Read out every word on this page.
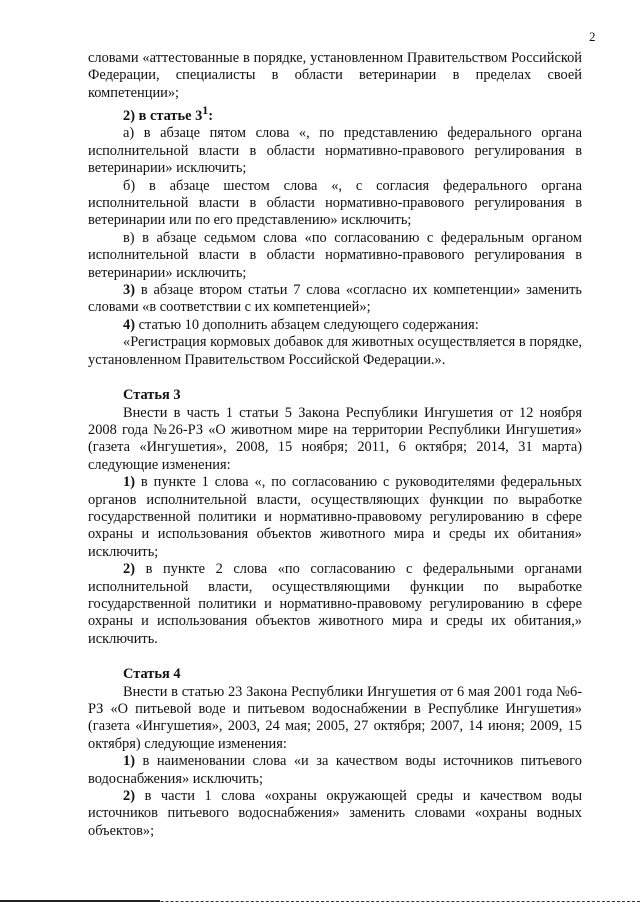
2

словами «аттестованные в порядке, установленном Правительством Российской Федерации, специалисты в области ветеринарии в пределах своей компетенции»;

2) в статье $3^1$:

а) в абзаце пятом слова «, по представлению федерального органа исполнительной власти в области нормативно-правового регулирования в ветеринарии» исключить;

б) в абзаце шестом слова «, с согласия федерального органа исполнительной власти в области нормативно-правового регулирования в ветеринарии или по его представлению» исключить;

в) в абзаце седьмом слова «по согласованию с федеральным органом исполнительной власти в области нормативно-правового регулирования в ветеринарии» исключить;

3) в абзаце втором статьи 7 слова «согласно их компетенции» заменить словами «в соответствии с их компетенцией»;

4) статью 10 дополнить абзацем следующего содержания:

«Регистрация кормовых добавок для животных осуществляется в порядке, установленном Правительством Российской Федерации.».

Статья 3

Внести в часть 1 статьи 5 Закона Республики Ингушетия от 12 ноября 2008 года №26-РЗ «О животном мире на территории Республики Ингушетия» (газета «Ингушетия», 2008, 15 ноября; 2011, 6 октября; 2014, 31 марта) следующие изменения:

1) в пункте 1 слова «, по согласованию с руководителями федеральных органов исполнительной власти, осуществляющих функции по выработке государственной политики и нормативно-правовому регулированию в сфере охраны и использования объектов животного мира и среды их обитания» исключить;

2) в пункте 2 слова «по согласованию с федеральными органами исполнительной власти, осуществляющими функции по выработке государственной политики и нормативно-правовому регулированию в сфере охраны и использования объектов животного мира и среды их обитания,» исключить.

Статья 4

Внести в статью 23 Закона Республики Ингушетия от 6 мая 2001 года №6-РЗ «О питьевой воде и питьевом водоснабжении в Республике Ингушетия» (газета «Ингушетия», 2003, 24 мая; 2005, 27 октября; 2007, 14 июня; 2009, 15 октября) следующие изменения:

1) в наименовании слова «и за качеством воды источников питьевого водоснабжения» исключить;

2) в части 1 слова «охраны окружающей среды и качеством воды источников питьевого водоснабжения» заменить словами «охраны водных объектов»;
